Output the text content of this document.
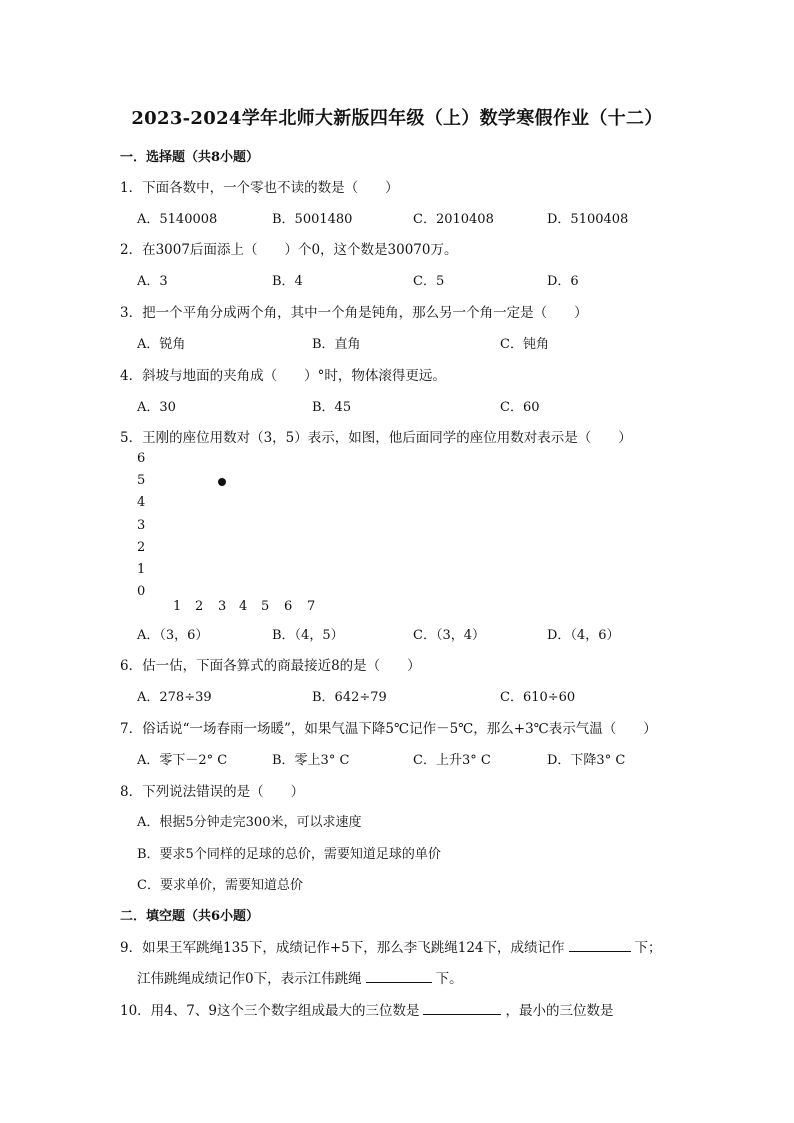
2023-2024学年北师大新版四年级（上）数学寒假作业（十二）
一．选择题（共8小题）
1．下面各数中，一个零也不读的数是（　　）
A．5140008	B．5001480	C．2010408	D．5100408
2．在3007后面添上（　　）个0，这个数是30070万。
A．3	B．4	C．5	D．6
3．把一个平角分成两个角，其中一个角是钝角，那么另一个角一定是（　　）
A．锐角	B．直角	C．钝角
4．斜坡与地面的夹角成（　　）°时，物体滚得更远。
A．30	B．45	C．60
5．王刚的座位用数对（3，5）表示，如图，他后面同学的座位用数对表示是（　　）
6
5
4
3
2
1
0
1 2 3 4 5 6 7
A．（3，6）	B．（4，5）	C．（3，4）	D．（4，6）
6．估一估，下面各算式的商最接近8的是（　　）
A．278÷39	B．642÷79	C．610÷60
7．俗话说“一场春雨一场暖”，如果气温下降5℃记作－5℃，那么+3℃表示气温（　　）
A．零下－2° C	B．零上3° C	C．上升3° C	D．下降3° C
8．下列说法错误的是（　　）
A．根据5分钟走完300米，可以求速度
B．要求5个同样的足球的总价，需要知道足球的单价
C．要求单价，需要知道总价
二．填空题（共6小题）
9．如果王军跳绳135下，成绩记作+5下，那么李飞跳绳124下，成绩记作	下；
江伟跳绳成绩记作0下，表示江伟跳绳	下。
10．用4、7、9这个三个数字组成最大的三位数是	，最小的三位数是
